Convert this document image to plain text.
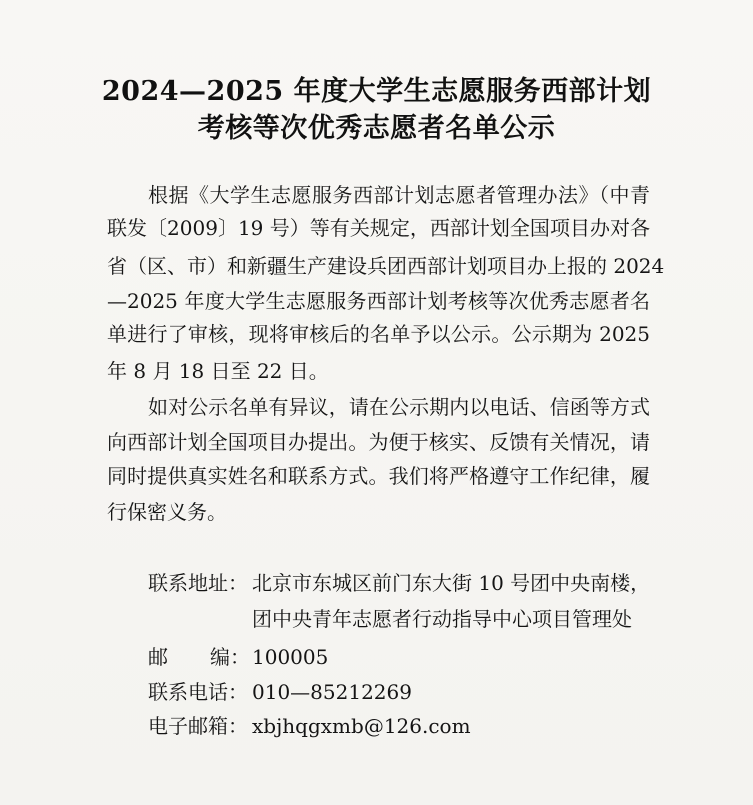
2024—2025 年度大学生志愿服务西部计划
考核等次优秀志愿者名单公示
根据《大学生志愿服务西部计划志愿者管理办法》（中青
联发〔2009〕19 号）等有关规定，西部计划全国项目办对各
省（区、市）和新疆生产建设兵团西部计划项目办上报的 2024
—2025 年度大学生志愿服务西部计划考核等次优秀志愿者名
单进行了审核，现将审核后的名单予以公示。公示期为 2025
年 8 月 18 日至 22 日。
如对公示名单有异议，请在公示期内以电话、信函等方式
向西部计划全国项目办提出。为便于核实、反馈有关情况，请
同时提供真实姓名和联系方式。我们将严格遵守工作纪律，履
行保密义务。
联系地址： 北京市东城区前门东大街 10 号团中央南楼，
团中央青年志愿者行动指导中心项目管理处
邮 编： 100005
联系电话： 010—85212269
电子邮箱： xbjhqgxmb@126.com
